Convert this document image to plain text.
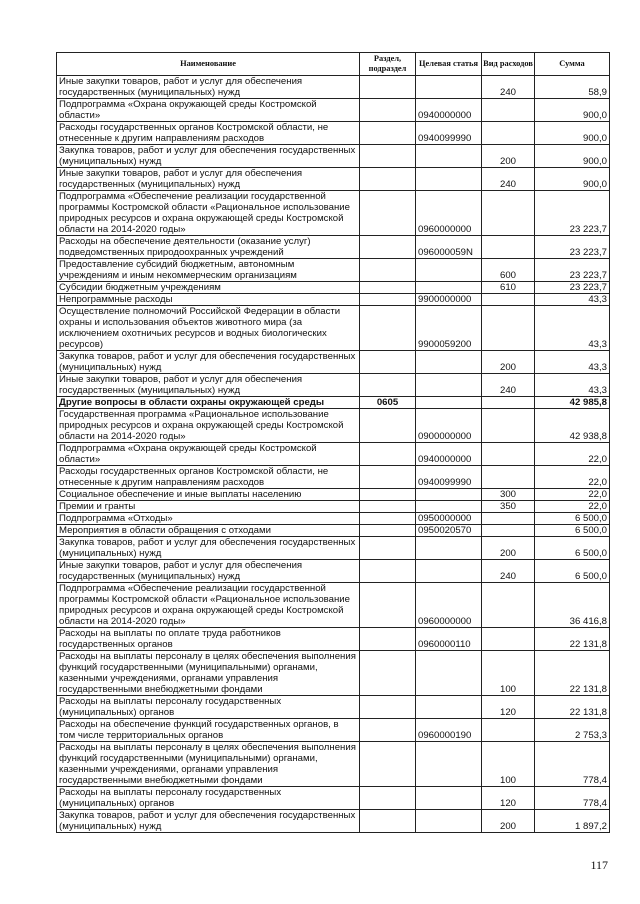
Наименование	Раздел, подраздел	Целевая статья	Вид расходов	Сумма
Иные закупки товаров, работ и услуг для обеспечения государственных (муниципальных) нужд			240	58,9
Подпрограмма «Охрана окружающей среды Костромской области»		0940000000		900,0
Расходы государственных органов Костромской области, не отнесенные к другим направлениям расходов		0940099990		900,0
Закупка товаров, работ и услуг для обеспечения государственных (муниципальных) нужд			200	900,0
Иные закупки товаров, работ и услуг для обеспечения государственных (муниципальных) нужд			240	900,0
Подпрограмма «Обеспечение реализации государственной программы Костромской области «Рациональное использование природных ресурсов и охрана окружающей среды Костромской области на 2014-2020 годы»		0960000000		23 223,7
Расходы на обеспечение деятельности (оказание услуг) подведомственных природоохранных учреждений		096000059N		23 223,7
Предоставление субсидий бюджетным, автономным учреждениям и иным некоммерческим организациям			600	23 223,7
Субсидии бюджетным учреждениям			610	23 223,7
Непрограммные расходы		9900000000		43,3
Осуществление полномочий Российской Федерации в области охраны и использования объектов животного мира (за исключением охотничьих ресурсов и водных биологических ресурсов)		9900059200		43,3
Закупка товаров, работ и услуг для обеспечения государственных (муниципальных) нужд			200	43,3
Иные закупки товаров, работ и услуг для обеспечения государственных (муниципальных) нужд			240	43,3
Другие вопросы в области охраны окружающей среды	0605			42 985,8
Государственная программа «Рациональное использование природных ресурсов и охрана окружающей среды Костромской области на 2014-2020 годы»		0900000000		42 938,8
Подпрограмма «Охрана окружающей среды Костромской области»		0940000000		22,0
Расходы государственных органов Костромской области, не отнесенные к другим направлениям расходов		0940099990		22,0
Социальное обеспечение и иные выплаты населению			300	22,0
Премии и гранты			350	22,0
Подпрограмма «Отходы»		0950000000		6 500,0
Мероприятия в области обращения с отходами		0950020570		6 500,0
Закупка товаров, работ и услуг для обеспечения государственных (муниципальных) нужд			200	6 500,0
Иные закупки товаров, работ и услуг для обеспечения государственных (муниципальных) нужд			240	6 500,0
Подпрограмма «Обеспечение реализации государственной программы Костромской области «Рациональное использование природных ресурсов и охрана окружающей среды Костромской области на 2014-2020 годы»		0960000000		36 416,8
Расходы на выплаты по оплате труда работников государственных органов		0960000110		22 131,8
Расходы на выплаты персоналу в целях обеспечения выполнения функций государственными (муниципальными) органами, казенными учреждениями, органами управления государственными внебюджетными фондами			100	22 131,8
Расходы на выплаты персоналу государственных (муниципальных) органов			120	22 131,8
Расходы на обеспечение функций государственных органов, в том числе территориальных органов		0960000190		2 753,3
Расходы на выплаты персоналу в целях обеспечения выполнения функций государственными (муниципальными) органами, казенными учреждениями, органами управления государственными внебюджетными фондами			100	778,4
Расходы на выплаты персоналу государственных (муниципальных) органов			120	778,4
Закупка товаров, работ и услуг для обеспечения государственных (муниципальных) нужд			200	1 897,2
117
